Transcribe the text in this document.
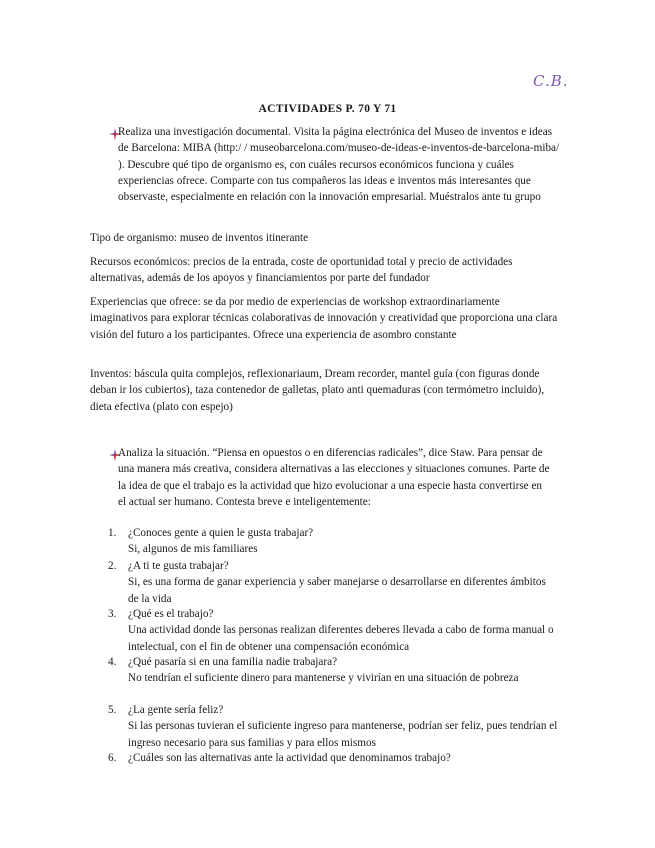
C.B.
ACTIVIDADES P. 70 Y 71
Realiza una investigación documental. Visita la página electrónica del Museo de inventos e ideas de Barcelona: MIBA (http:/ / museobarcelona.com/museo-de-ideas-e-inventos-de-barcelona-miba/ ). Descubre qué tipo de organismo es, con cuáles recursos económicos funciona y cuáles experiencias ofrece. Comparte con tus compañeros las ideas e inventos más interesantes que observaste, especialmente en relación con la innovación empresarial. Muéstralos ante tu grupo
Tipo de organismo: museo de inventos itinerante
Recursos económicos: precios de la entrada, coste de oportunidad total y precio de actividades alternativas, además de los apoyos y financiamientos por parte del fundador
Experiencias que ofrece: se da por medio de experiencias de workshop extraordinariamente imaginativos para explorar técnicas colaborativas de innovación y creatividad que proporciona una clara visión del futuro a los participantes. Ofrece una experiencia de asombro constante
Inventos: báscula quita complejos, reflexionariaum, Dream recorder, mantel guía (con figuras donde deban ir los cubiertos), taza contenedor de galletas, plato anti quemaduras (con termómetro incluido), dieta efectiva (plato con espejo)
Analiza la situación. “Piensa en opuestos o en diferencias radicales”, dice Staw. Para pensar de una manera más creativa, considera alternativas a las elecciones y situaciones comunes. Parte de la idea de que el trabajo es la actividad que hizo evolucionar a una especie hasta convertirse en el actual ser humano. Contesta breve e inteligentemente:
1.	¿Conoces gente a quien le gusta trabajar?
Si, algunos de mis familiares
2.	¿A ti te gusta trabajar?
Si, es una forma de ganar experiencia y saber manejarse o desarrollarse en diferentes ámbitos de la vida
3.	¿Qué es el trabajo?
Una actividad donde las personas realizan diferentes deberes llevada a cabo de forma manual o intelectual, con el fin de obtener una compensación económica
4.	¿Qué pasaría si en una familia nadie trabajara?
No tendrían el suficiente dinero para mantenerse y vivirían en una situación de pobreza
5.	¿La gente sería feliz?
Si las personas tuvieran el suficiente ingreso para mantenerse, podrían ser feliz, pues tendrían el ingreso necesario para sus familias y para ellos mismos
6.	¿Cuáles son las alternativas ante la actividad que denominamos trabajo?
